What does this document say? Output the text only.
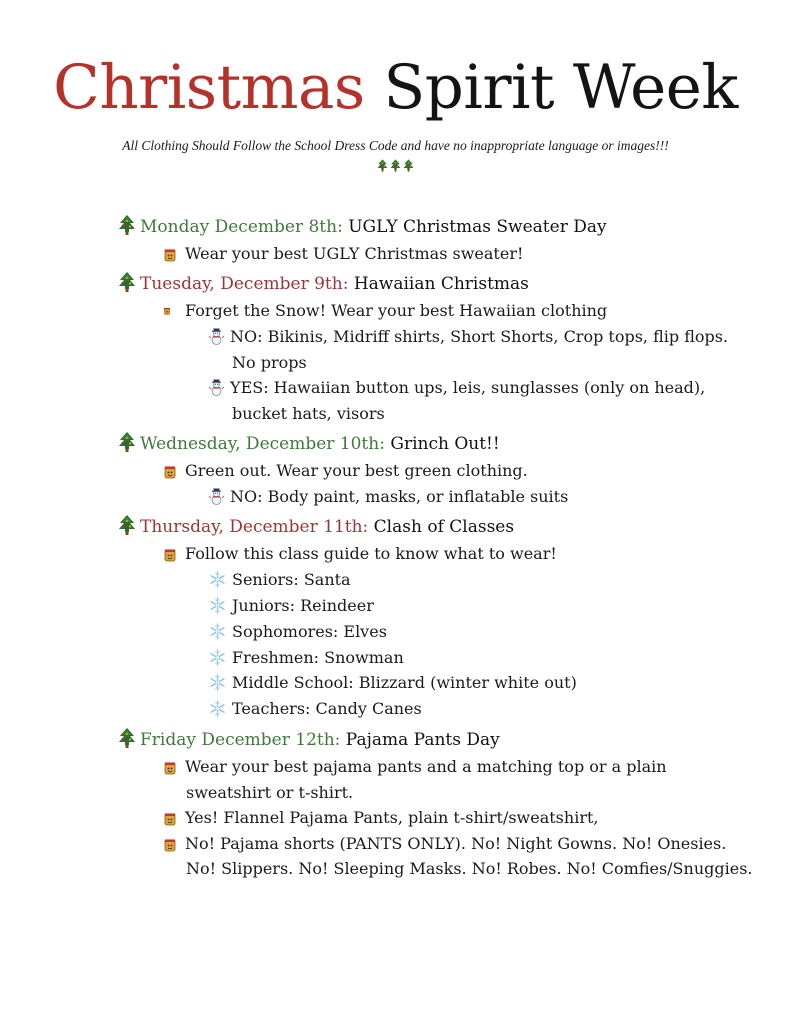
Christmas Spirit Week

All Clothing Should Follow the School Dress Code and have no inappropriate language or images!!!

Monday December 8th: UGLY Christmas Sweater Day
Wear your best UGLY Christmas sweater!
Tuesday, December 9th: Hawaiian Christmas
Forget the Snow! Wear your best Hawaiian clothing
NO: Bikinis, Midriff shirts, Short Shorts, Crop tops, flip flops.
No props
YES: Hawaiian button ups, leis, sunglasses (only on head),
bucket hats, visors
Wednesday, December 10th: Grinch Out!!
Green out. Wear your best green clothing.
NO: Body paint, masks, or inflatable suits
Thursday, December 11th: Clash of Classes
Follow this class guide to know what to wear!
Seniors: Santa
Juniors: Reindeer
Sophomores: Elves
Freshmen: Snowman
Middle School: Blizzard (winter white out)
Teachers: Candy Canes
Friday December 12th: Pajama Pants Day
Wear your best pajama pants and a matching top or a plain
sweatshirt or t-shirt.
Yes! Flannel Pajama Pants, plain t-shirt/sweatshirt,
No! Pajama shorts (PANTS ONLY). No! Night Gowns. No! Onesies.
No! Slippers. No! Sleeping Masks. No! Robes. No! Comfies/Snuggies.
